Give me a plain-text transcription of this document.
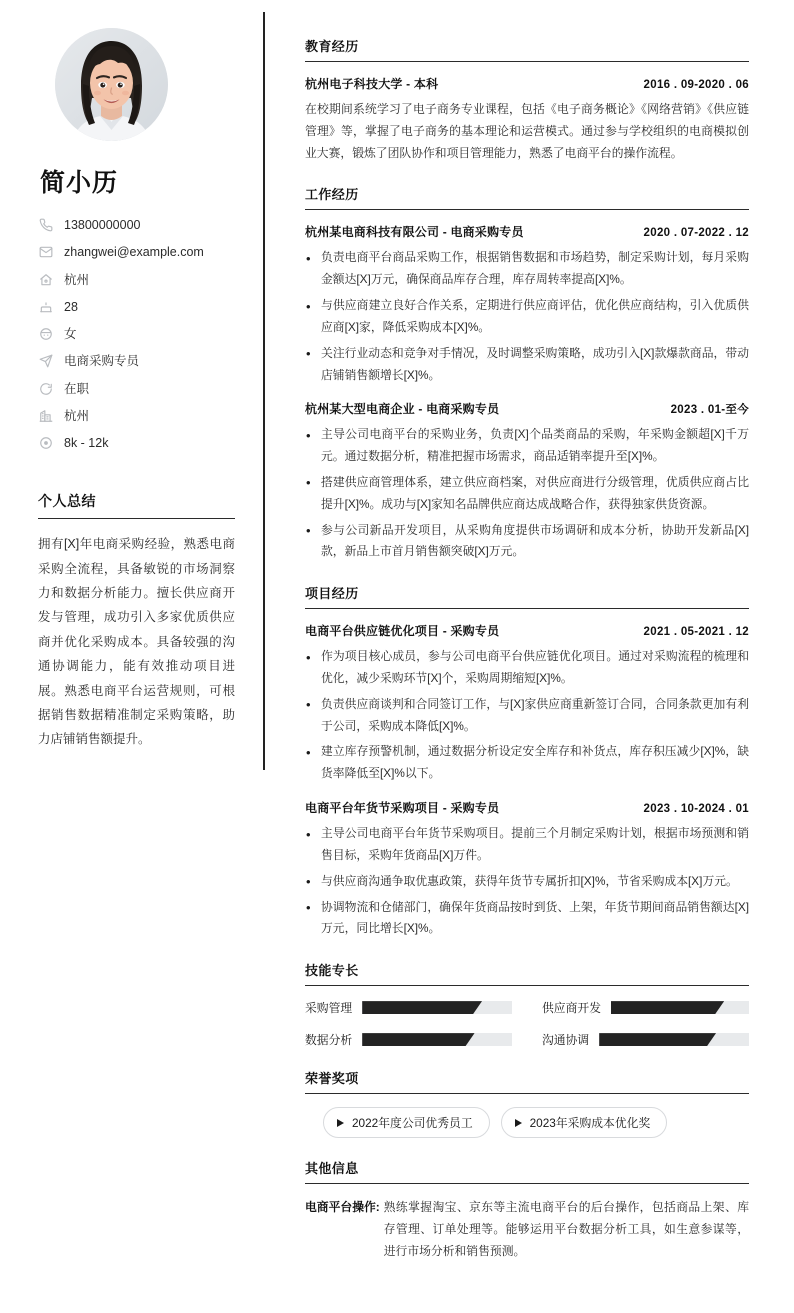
简小历
13800000000
zhangwei@example.com
杭州
28
女
电商采购专员
在职
杭州
8k - 12k
个人总结

拥有[X]年电商采购经验，熟悉电商采购全流程，具备敏锐的市场洞察力和数据分析能力。擅长供应商开发与管理，成功引入多家优质供应商并优化采购成本。具备较强的沟通协调能力，能有效推动项目进展。熟悉电商平台运营规则，可根据销售数据精准制定采购策略，助力店铺销售额提升。

教育经历
杭州电子科技大学 - 本科	2016 . 09-2020 . 06

在校期间系统学习了电子商务专业课程，包括《电子商务概论》《网络营销》《供应链管理》等，掌握了电子商务的基本理论和运营模式。通过参与学校组织的电商模拟创业大赛，锻炼了团队协作和项目管理能力，熟悉了电商平台的操作流程。

工作经历
杭州某电商科技有限公司 - 电商采购专员	2020 . 07-2022 . 12
• 负责电商平台商品采购工作，根据销售数据和市场趋势，制定采购计划，每月采购金额达[X]万元，确保商品库存合理，库存周转率提高[X]%。
• 与供应商建立良好合作关系，定期进行供应商评估，优化供应商结构，引入优质供应商[X]家，降低采购成本[X]%。
• 关注行业动态和竞争对手情况，及时调整采购策略，成功引入[X]款爆款商品，带动店铺销售额增长[X]%。
杭州某大型电商企业 - 电商采购专员	2023 . 01-至今
• 主导公司电商平台的采购业务，负责[X]个品类商品的采购，年采购金额超[X]千万元。通过数据分析，精准把握市场需求，商品适销率提升至[X]%。
• 搭建供应商管理体系，建立供应商档案，对供应商进行分级管理，优质供应商占比提升[X]%。成功与[X]家知名品牌供应商达成战略合作，获得独家供货资源。
• 参与公司新品开发项目，从采购角度提供市场调研和成本分析，协助开发新品[X]款，新品上市首月销售额突破[X]万元。
项目经历
电商平台供应链优化项目 - 采购专员	2021 . 05-2021 . 12
• 作为项目核心成员，参与公司电商平台供应链优化项目。通过对采购流程的梳理和优化，减少采购环节[X]个，采购周期缩短[X]%。
• 负责供应商谈判和合同签订工作，与[X]家供应商重新签订合同，合同条款更加有利于公司，采购成本降低[X]%。
• 建立库存预警机制，通过数据分析设定安全库存和补货点，库存积压减少[X]%，缺货率降低至[X]%以下。
电商平台年货节采购项目 - 采购专员	2023 . 10-2024 . 01
• 主导公司电商平台年货节采购项目。提前三个月制定采购计划，根据市场预测和销售目标，采购年货商品[X]万件。
• 与供应商沟通争取优惠政策，获得年货节专属折扣[X]%，节省采购成本[X]万元。
• 协调物流和仓储部门，确保年货商品按时到货、上架，年货节期间商品销售额达[X]万元，同比增长[X]%。
技能专长
采购管理	供应商开发
数据分析	沟通协调
荣誉奖项
2022年度公司优秀员工	2023年采购成本优化奖
其他信息
电商平台操作: 熟练掌握淘宝、京东等主流电商平台的后台操作，包括商品上架、库存管理、订单处理等。能够运用平台数据分析工具，如生意参谋等，进行市场分析和销售预测。
